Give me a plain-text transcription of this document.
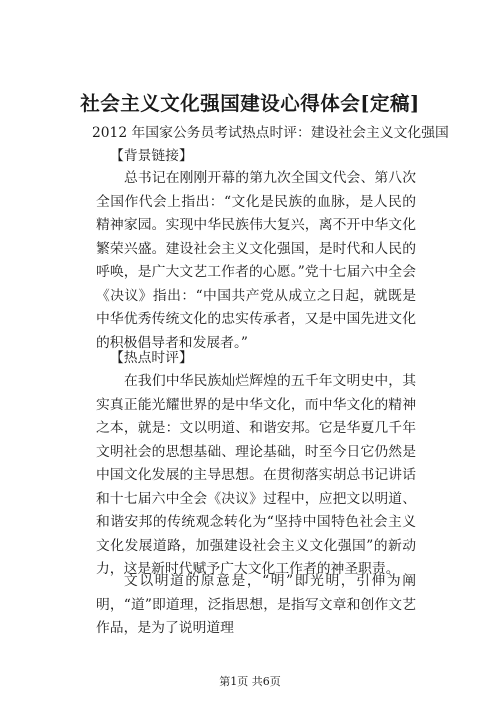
社会主义文化强国建设心得体会[定稿]
2012 年国家公务员考试热点时评：建设社会主义文化强国
【背景链接】

总书记在刚刚开幕的第九次全国文代会、第八次全国作代会上指出：“文化是民族的血脉，是人民的精神家园。实现中华民族伟大复兴，离不开中华文化繁荣兴盛。建设社会主义文化强国，是时代和人民的呼唤，是广大文艺工作者的心愿。”党十七届六中全会《决议》指出：“中国共产党从成立之日起，就既是中华优秀传统文化的忠实传承者，又是中国先进文化的积极倡导者和发展者。”

【热点时评】

在我们中华民族灿烂辉煌的五千年文明史中，其实真正能光耀世界的是中华文化，而中华文化的精神之本，就是：文以明道、和谐安邦。它是华夏几千年文明社会的思想基础、理论基础，时至今日它仍然是中国文化发展的主导思想。在贯彻落实胡总书记讲话和十七届六中全会《决议》过程中，应把文以明道、和谐安邦的传统观念转化为“坚持中国特色社会主义文化发展道路，加强建设社会主义文化强国”的新动力，这是新时代赋予广大文化工作者的神圣职责。

文以明道的原意是，“明”即光明，引伸为阐明，“道”即道理，泛指思想，是指写文章和创作文艺作品，是为了说明道理

第1页 共6页
